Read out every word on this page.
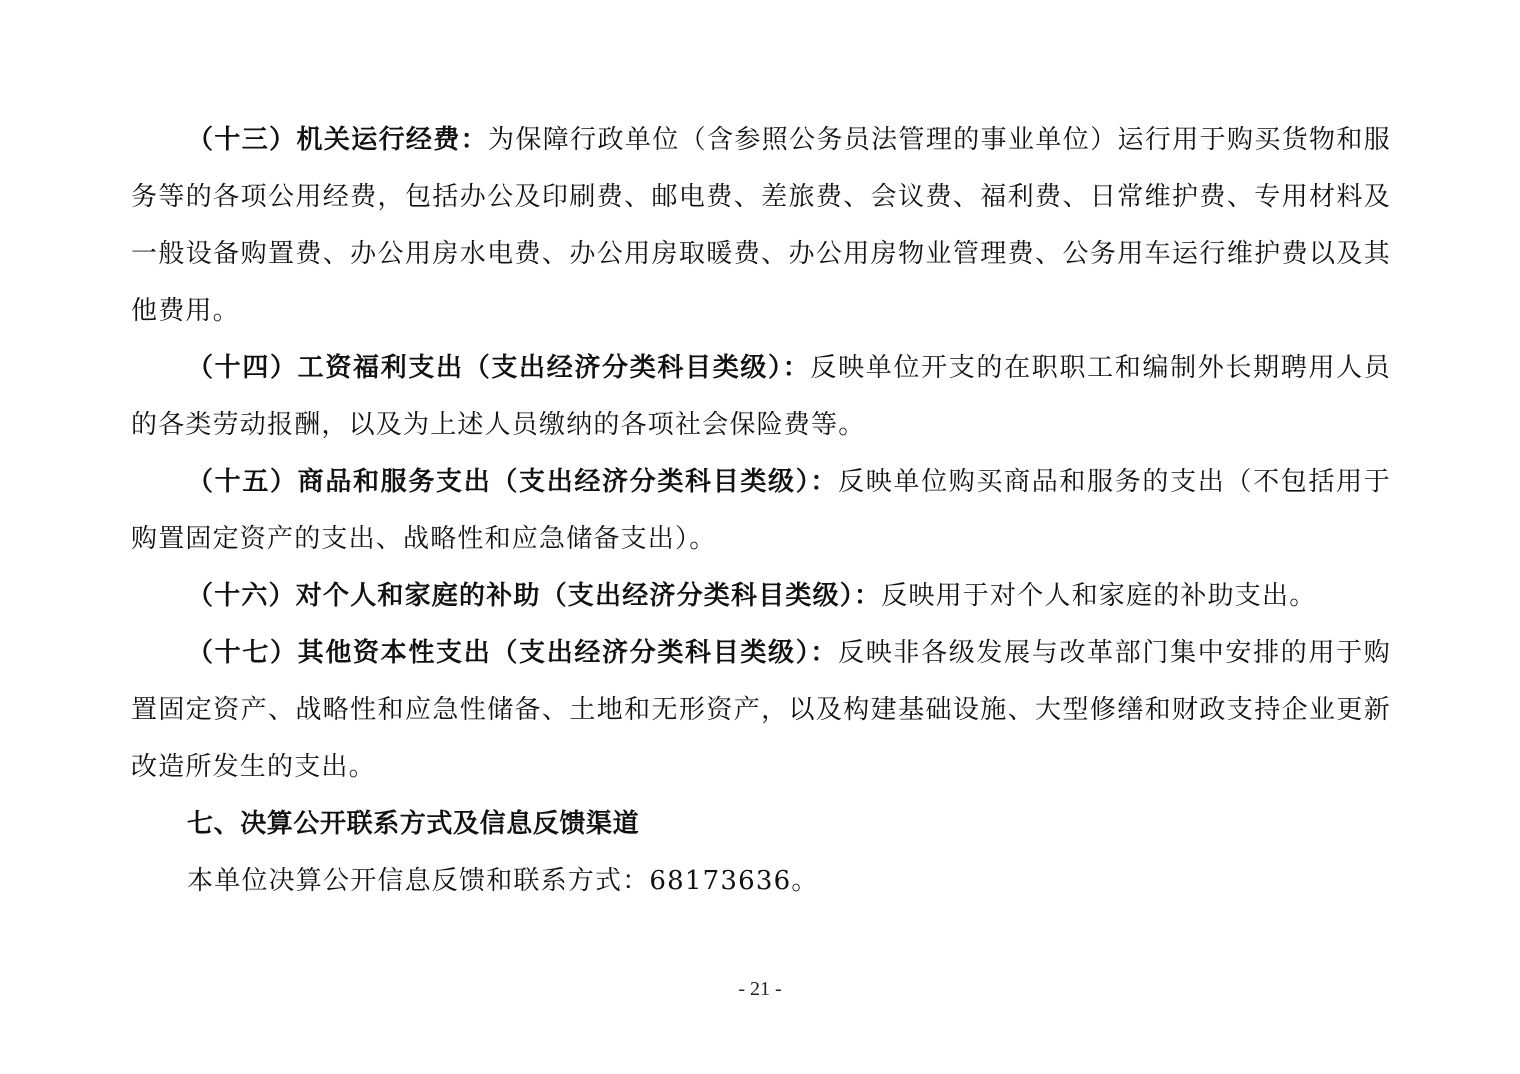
（十三）机关运行经费：为保障行政单位（含参照公务员法管理的事业单位）运行用于购买货物和服务等的各项公用经费，包括办公及印刷费、邮电费、差旅费、会议费、福利费、日常维护费、专用材料及一般设备购置费、办公用房水电费、办公用房取暖费、办公用房物业管理费、公务用车运行维护费以及其他费用。

（十四）工资福利支出（支出经济分类科目类级）：反映单位开支的在职职工和编制外长期聘用人员的各类劳动报酬，以及为上述人员缴纳的各项社会保险费等。

（十五）商品和服务支出（支出经济分类科目类级）：反映单位购买商品和服务的支出（不包括用于购置固定资产的支出、战略性和应急储备支出）。

（十六）对个人和家庭的补助（支出经济分类科目类级）：反映用于对个人和家庭的补助支出。

（十七）其他资本性支出（支出经济分类科目类级）：反映非各级发展与改革部门集中安排的用于购置固定资产、战略性和应急性储备、土地和无形资产，以及构建基础设施、大型修缮和财政支持企业更新改造所发生的支出。

七、决算公开联系方式及信息反馈渠道

本单位决算公开信息反馈和联系方式：68173636。

- 21 -
